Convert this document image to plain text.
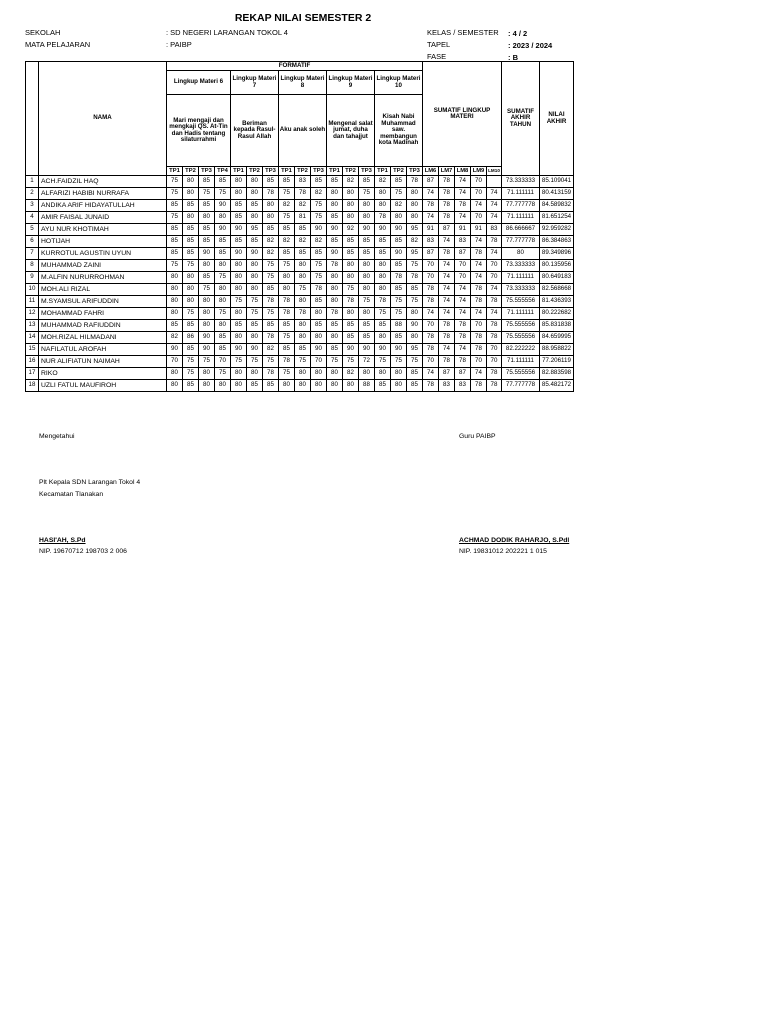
REKAP NILAI SEMESTER 2
SEKOLAH	: SD NEGERI LARANGAN TOKOL 4
MATA PELAJARAN	: PAIBP
KELAS / SEMESTER : 4 / 2
TAPEL	: 2023 / 2024
FASE	: B
	NAMA	FORMATIF																SUMATIF LINGKUP MATERI					SUMATIF AKHIR TAHUN	NILAI AKHIR
		Lingkup Materi 6				Lingkup Materi 7			Lingkup Materi 8			Lingkup Materi 9			Lingkup Materi 10									
		Mari mengaji dan mengkaji QS. At-Tin dan Hadis tentang silaturrahmi				Beriman kepada Rasul-Rasul Allah			Aku anak soleh			Mengenal salat jumat, duha dan tahajjut			Kisah Nabi Muhammad saw. membangun kota Madinah									
		TP1	TP2	TP3	TP4	TP1	TP2	TP3	TP1	TP2	TP3	TP1	TP2	TP3	TP1	TP2	TP3	LM6	LM7	LM8	LM9	LM10		
1	ACH.FAIDZIL HAQ	75	80	85	85	80	80	85	85	83	85	85	82	85	82	85	78	87	78	74	70		73.333333	85.109041
2	ALFARIZI HABIBI NURRAFA	75	80	75	75	80	80	78	75	78	82	80	80	75	80	75	80	74	78	74	70	74	71.111111	80.413159
3	ANDIKA ARIF HIDAYATULLAH	85	85	85	90	85	85	80	82	82	75	80	80	80	80	82	80	78	78	78	74	74	77.777778	84.589832
4	AMIR FAISAL JUNAID	75	80	80	80	85	80	80	75	81	75	85	80	80	78	80	80	74	78	74	70	74	71.111111	81.651254
5	AYU NUR KHOTIMAH	85	85	85	90	90	95	85	85	85	90	90	92	90	90	90	95	91	87	91	91	83	86.666667	92.959282
6	HOTIJAH	85	85	85	85	85	85	82	82	82	82	85	85	85	85	85	82	83	74	83	74	78	77.777778	86.384863
7	KURROTUL AGUSTIN UYUN	85	85	90	85	90	90	82	85	85	85	90	85	85	85	90	95	87	78	87	78	74	80	89.349896
8	MUHAMMAD ZAINI	75	75	80	80	80	80	75	75	80	75	78	80	80	80	85	75	70	74	70	74	70	73.333333	80.135956
9	M.ALFIN NURURROHMAN	80	80	85	75	80	80	75	80	80	75	80	80	80	80	78	78	70	74	70	74	70	71.111111	80.649183
10	MOH.ALI RIZAL	80	80	75	80	80	80	85	80	75	78	80	75	80	80	85	85	78	74	74	78	74	73.333333	82.568668
11	M.SYAMSUL ARIFUDDIN	80	80	80	80	75	75	78	78	80	85	80	78	75	78	75	75	78	74	74	78	78	75.555556	81.436393
12	MOHAMMAD FAHRI	80	75	80	75	80	75	75	78	78	80	78	80	80	75	75	80	74	74	74	74	74	71.111111	80.222682
13	MUHAMMAD RAFIUDDIN	85	85	80	80	85	85	85	85	80	85	85	85	85	85	88	90	70	78	78	70	78	75.555556	85.831838
14	MOH.RIZAL HILMADANI	82	86	90	85	80	80	78	75	80	80	80	85	85	80	85	80	78	78	78	78	78	75.555556	84.659995
15	NAFILATUL AROFAH	90	85	90	85	90	90	82	85	85	90	85	90	90	90	90	95	78	74	74	78	70	82.222222	88.958822
16	NUR ALIFIATUN NAIMAH	70	75	75	70	75	75	75	78	75	70	75	75	72	75	75	75	70	78	78	70	70	71.111111	77.206119
17	RIKO	80	75	80	75	80	80	78	75	80	80	80	82	80	80	80	85	74	87	87	74	78	75.555556	82.883598
18	UZLI FATUL MAUFIROH	80	85	80	80	80	85	85	80	80	80	80	80	88	85	80	85	78	83	83	78	78	77.777778	85.482172
Mengetahui	Guru PAIBP
Plt Kepala SDN Larangan Tokol 4
Kecamatan Tlanakan
HASI'AH, S.Pd
NIP. 19670712 198703 2 006
ACHMAD DODIK RAHARJO, S.Pdl
NIP. 19831012 202221 1 015
